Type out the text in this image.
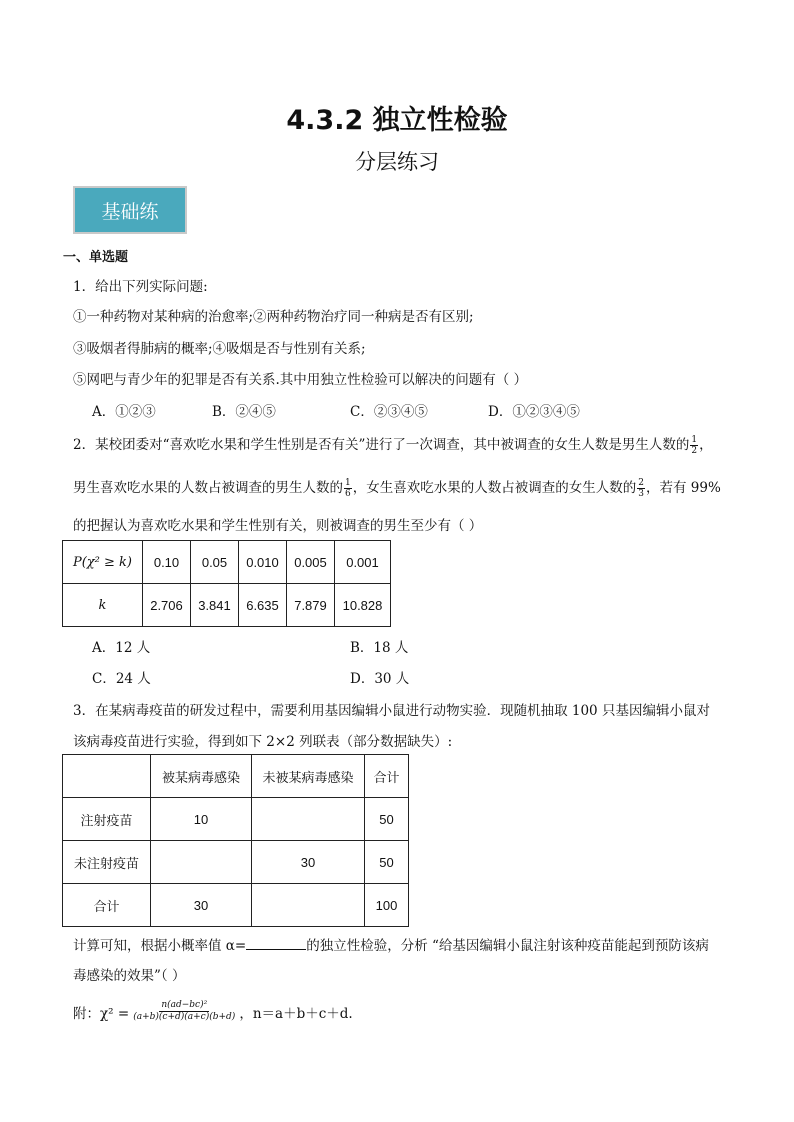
4.3.2 独立性检验
分层练习
基础练
一、单选题
1．给出下列实际问题:
①一种药物对某种病的治愈率;②两种药物治疗同一种病是否有区别;
③吸烟者得肺病的概率;④吸烟是否与性别有关系;
⑤网吧与青少年的犯罪是否有关系.其中用独立性检验可以解决的问题有（ ）
A．①②③	B．②④⑤	C．②③④⑤	D．①②③④⑤
2．某校团委对“喜欢吃水果和学生性别是否有关”进行了一次调查，其中被调查的女生人数是男生人数的 $\frac{1}{2}$ ，
男生喜欢吃水果的人数占被调查的男生人数的 $\frac{1}{6}$ ，女生喜欢吃水果的人数占被调查的女生人数的 $\frac{2}{3}$ ，若有 99%
的把握认为喜欢吃水果和学生性别有关，则被调查的男生至少有（ ）
P(χ² ≥ k)	0.10	0.05	0.010	0.005	0.001
k	2.706	3.841	6.635	7.879	10.828
A．12 人	B．18 人
C．24 人	D．30 人
3．在某病毒疫苗的研发过程中，需要利用基因编辑小鼠进行动物实验．现随机抽取 100 只基因编辑小鼠对
该病毒疫苗进行实验，得到如下 2×2 列联表（部分数据缺失）:
	被某病毒感染	未被某病毒感染	合计
注射疫苗	10		50
未注射疫苗		30	50
合计	30		100
计算可知，根据小概率值 α=	的独立性检验，分析 “给基因编辑小鼠注射该种疫苗能起到预防该病
毒感染的效果”（ ）
附：$\chi^2 = \frac{\text{n(ad−bc)²}}{(a+b)(c+d)(a+c)(b+d)}$ ，n＝a＋b＋c＋d.
